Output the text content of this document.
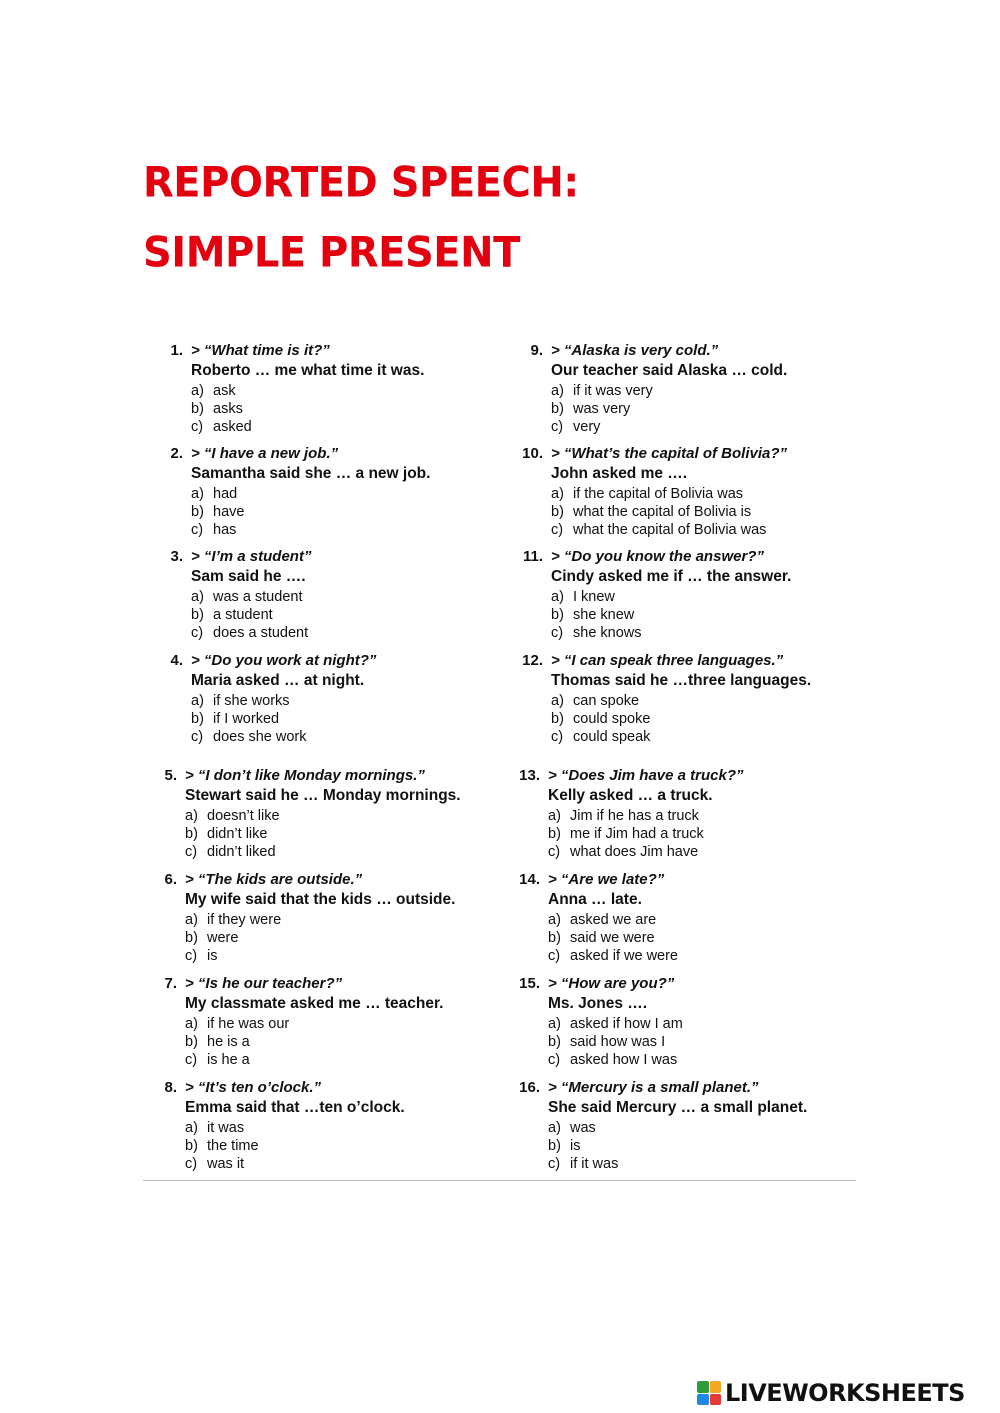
REPORTED SPEECH:
SIMPLE PRESENT
1. > “What time is it?”
Roberto … me what time it was.
a) ask
b) asks
c) asked
2. > “I have a new job.”
Samantha said she … a new job.
a) had
b) have
c) has
3. > “I’m a student”
Sam said he ….
a) was a student
b) a student
c) does a student
4. > “Do you work at night?”
Maria asked … at night.
a) if she works
b) if I worked
c) does she work
5. > “I don’t like Monday mornings.”
Stewart said he … Monday mornings.
a) doesn’t like
b) didn’t like
c) didn’t liked
6. > “The kids are outside.”
My wife said that the kids … outside.
a) if they were
b) were
c) is
7. > “Is he our teacher?”
My classmate asked me … teacher.
a) if he was our
b) he is a
c) is he a
8. > “It’s ten o’clock.”
Emma said that …ten o’clock.
a) it was
b) the time
c) was it
9. > “Alaska is very cold.”
Our teacher said Alaska … cold.
a) if it was very
b) was very
c) very
10. > “What’s the capital of Bolivia?”
John asked me ….
a) if the capital of Bolivia was
b) what the capital of Bolivia is
c) what the capital of Bolivia was
11. > “Do you know the answer?”
Cindy asked me if … the answer.
a) I knew
b) she knew
c) she knows
12. > “I can speak three languages.”
Thomas said he …three languages.
a) can spoke
b) could spoke
c) could speak
13. > “Does Jim have a truck?”
Kelly asked … a truck.
a) Jim if he has a truck
b) me if Jim had a truck
c) what does Jim have
14. > “Are we late?”
Anna … late.
a) asked we are
b) said we were
c) asked if we were
15. > “How are you?”
Ms. Jones ….
a) asked if how I am
b) said how was I
c) asked how I was
16. > “Mercury is a small planet.”
She said Mercury … a small planet.
a) was
b) is
c) if it was
LIVEWORKSHEETS
